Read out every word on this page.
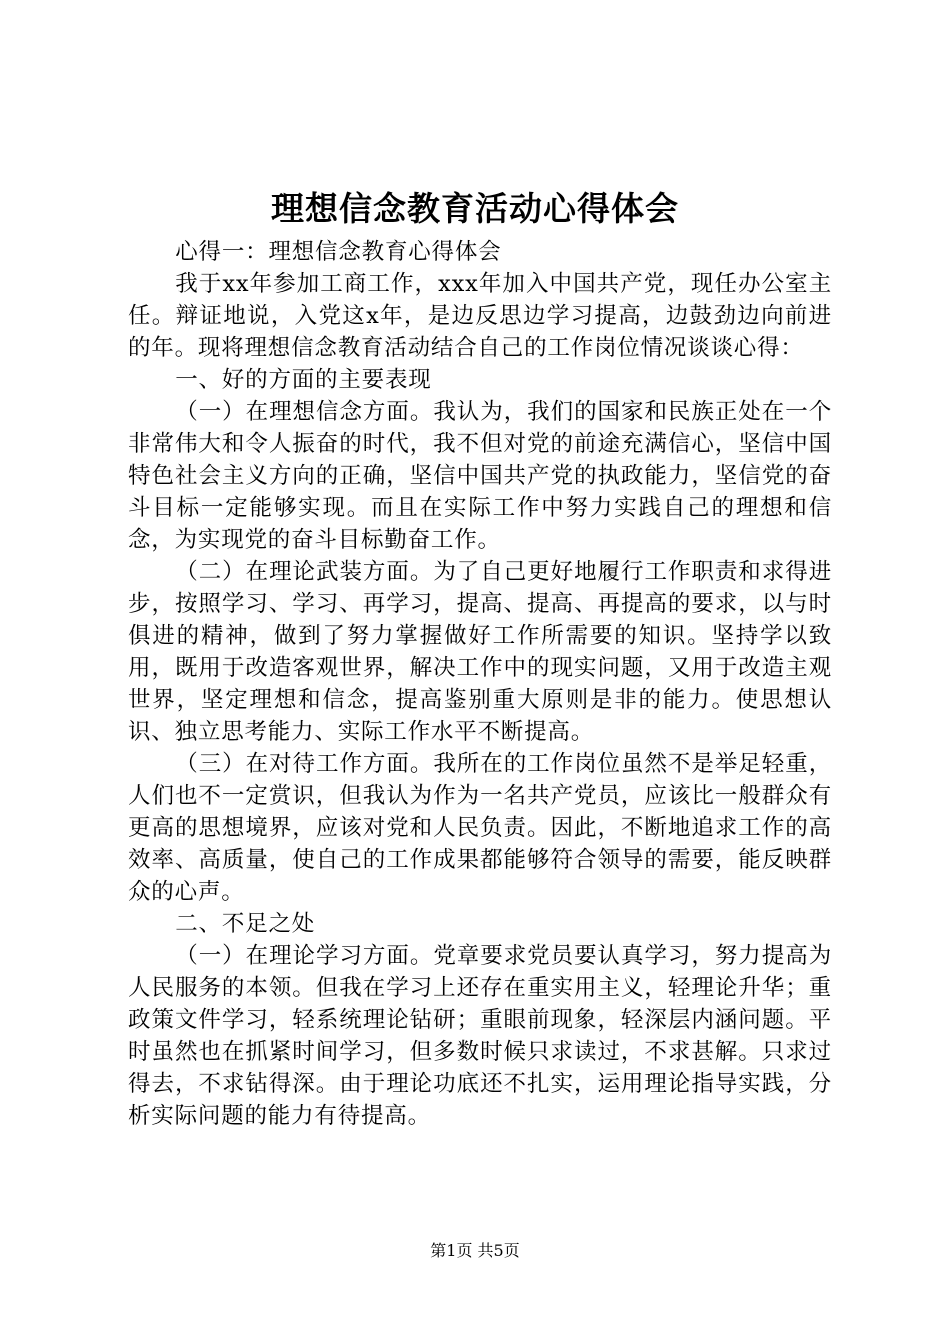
理想信念教育活动心得体会

心得一：理想信念教育心得体会

我于xx年参加工商工作，xxx年加入中国共产党，现任办公室主任。辩证地说，入党这x年，是边反思边学习提高，边鼓劲边向前进的年。现将理想信念教育活动结合自己的工作岗位情况谈谈心得：

一、好的方面的主要表现

（一）在理想信念方面。我认为，我们的国家和民族正处在一个非常伟大和令人振奋的时代，我不但对党的前途充满信心，坚信中国特色社会主义方向的正确，坚信中国共产党的执政能力，坚信党的奋斗目标一定能够实现。而且在实际工作中努力实践自己的理想和信念，为实现党的奋斗目标勤奋工作。

（二）在理论武装方面。为了自己更好地履行工作职责和求得进步，按照学习、学习、再学习，提高、提高、再提高的要求，以与时俱进的精神，做到了努力掌握做好工作所需要的知识。坚持学以致用，既用于改造客观世界，解决工作中的现实问题，又用于改造主观世界，坚定理想和信念，提高鉴别重大原则是非的能力。使思想认识、独立思考能力、实际工作水平不断提高。

（三）在对待工作方面。我所在的工作岗位虽然不是举足轻重，人们也不一定赏识，但我认为作为一名共产党员，应该比一般群众有更高的思想境界，应该对党和人民负责。因此，不断地追求工作的高效率、高质量，使自己的工作成果都能够符合领导的需要，能反映群众的心声。

二、不足之处

（一）在理论学习方面。党章要求党员要认真学习，努力提高为人民服务的本领。但我在学习上还存在重实用主义，轻理论升华；重政策文件学习，轻系统理论钻研；重眼前现象，轻深层内涵问题。平时虽然也在抓紧时间学习，但多数时候只求读过，不求甚解。只求过得去，不求钻得深。由于理论功底还不扎实，运用理论指导实践，分析实际问题的能力有待提高。

第1页 共5页
